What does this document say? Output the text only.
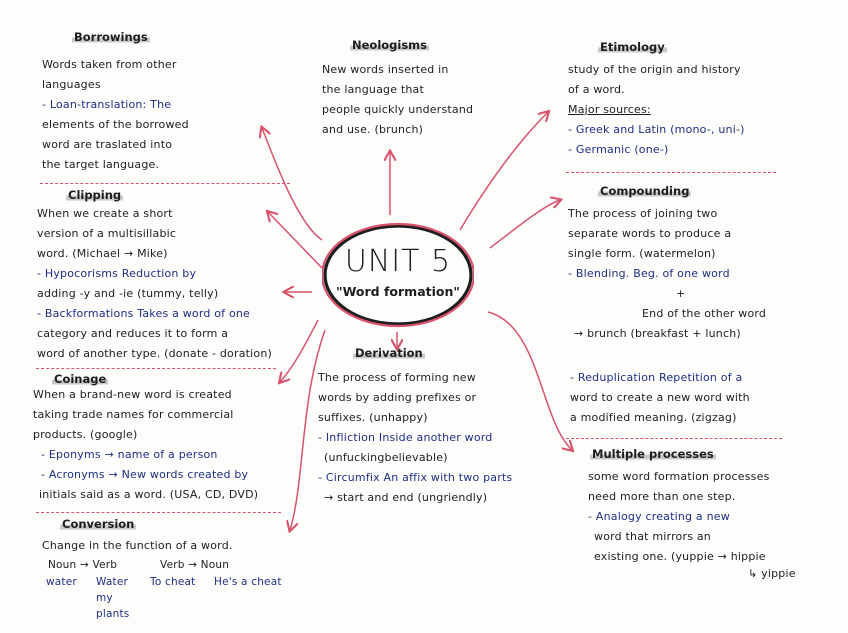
UNIT 5
"Word formation"
Borrowings
Words taken from other
languages
- Loan-translation: The
elements of the borrowed
word are traslated into
the target language.
Neologisms
New words inserted in
the language that
people quickly understand
and use. (brunch)
Etimology
study of the origin and history
of a word.
Major sources:
- Greek and Latin (mono-, uni-)
- Germanic (one-)
Clipping
When we create a short
version of a multisillabic
word. (Michael → Mike)
- Hypocorisms Reduction by
adding -y and -ie (tummy, telly)
- Backformations Takes a word of one
category and reduces it to form a
word of another type. (donate - doration)
Compounding
The process of joining two
separate words to produce a
single form. (watermelon)
- Blending. Beg. of one word
+
End of the other word
→ brunch (breakfast + lunch)
Derivation
The process of forming new
words by adding prefixes or
suffixes. (unhappy)
- Infliction Inside another word
(unfuckingbelievable)
- Circumfix An affix with two parts
→ start and end (ungriendly)
Coinage
When a brand-new word is created
taking trade names for commercial
products. (google)
- Eponyms → name of a person
- Acronyms → New words created by
initials said as a word. (USA, CD, DVD)
- Reduplication Repetition of a
word to create a new word with
a modified meaning. (zigzag)
Multiple processes
some word formation processes
need more than one step.
- Analogy creating a new
word that mirrors an
existing one. (yuppie → hippie
↳ yippie
Conversion
Change in the function of a word.
Noun → Verb
water Water
my
plants
Verb → Noun
To cheat He's a cheat
